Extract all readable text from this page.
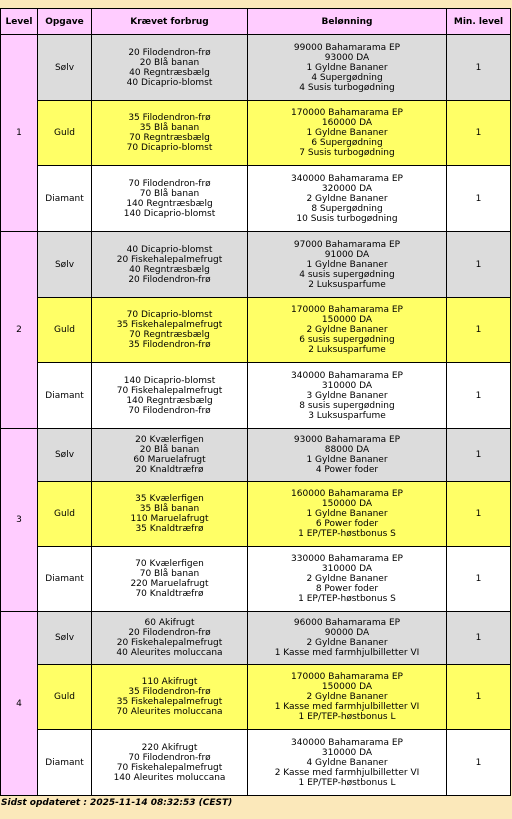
Level	Opgave	Krævet forbrug	Belønning	Min. level
1	Sølv	20 Filodendron-frø
20 Blå banan
40 Regntræsbælg
40 Dicaprio-blomst	99000 Bahamarama EP
93000 DA
1 Gyldne Bananer
4 Supergødning
4 Susis turbogødning	1
	Guld	35 Filodendron-frø
35 Blå banan
70 Regntræsbælg
70 Dicaprio-blomst	170000 Bahamarama EP
160000 DA
1 Gyldne Bananer
6 Supergødning
7 Susis turbogødning	1
	Diamant	70 Filodendron-frø
70 Blå banan
140 Regntræsbælg
140 Dicaprio-blomst	340000 Bahamarama EP
320000 DA
2 Gyldne Bananer
8 Supergødning
10 Susis turbogødning	1
2	Sølv	40 Dicaprio-blomst
20 Fiskehalepalmefrugt
40 Regntræsbælg
20 Filodendron-frø	97000 Bahamarama EP
91000 DA
1 Gyldne Bananer
4 susis supergødning
2 Luksusparfume	1
	Guld	70 Dicaprio-blomst
35 Fiskehalepalmefrugt
70 Regntræsbælg
35 Filodendron-frø	170000 Bahamarama EP
150000 DA
2 Gyldne Bananer
6 susis supergødning
2 Luksusparfume	1
	Diamant	140 Dicaprio-blomst
70 Fiskehalepalmefrugt
140 Regntræsbælg
70 Filodendron-frø	340000 Bahamarama EP
310000 DA
3 Gyldne Bananer
8 susis supergødning
3 Luksusparfume	1
3	Sølv	20 Kvælerfigen
20 Blå banan
60 Maruelafrugt
20 Knaldtræfrø	93000 Bahamarama EP
88000 DA
1 Gyldne Bananer
4 Power foder	1
	Guld	35 Kvælerfigen
35 Blå banan
110 Maruelafrugt
35 Knaldtræfrø	160000 Bahamarama EP
150000 DA
1 Gyldne Bananer
6 Power foder
1 EP/TEP-høstbonus S	1
	Diamant	70 Kvælerfigen
70 Blå banan
220 Maruelafrugt
70 Knaldtræfrø	330000 Bahamarama EP
310000 DA
2 Gyldne Bananer
8 Power foder
1 EP/TEP-høstbonus S	1
4	Sølv	60 Akifrugt
20 Filodendron-frø
20 Fiskehalepalmefrugt
40 Aleurites moluccana	96000 Bahamarama EP
90000 DA
2 Gyldne Bananer
1 Kasse med farmhjulbilletter VI	1
	Guld	110 Akifrugt
35 Filodendron-frø
35 Fiskehalepalmefrugt
70 Aleurites moluccana	170000 Bahamarama EP
150000 DA
2 Gyldne Bananer
1 Kasse med farmhjulbilletter VI
1 EP/TEP-høstbonus L	1
	Diamant	220 Akifrugt
70 Filodendron-frø
70 Fiskehalepalmefrugt
140 Aleurites moluccana	340000 Bahamarama EP
310000 DA
4 Gyldne Bananer
2 Kasse med farmhjulbilletter VI
1 EP/TEP-høstbonus L	1
Sidst opdateret : 2025-11-14 08:32:53 (CEST)
